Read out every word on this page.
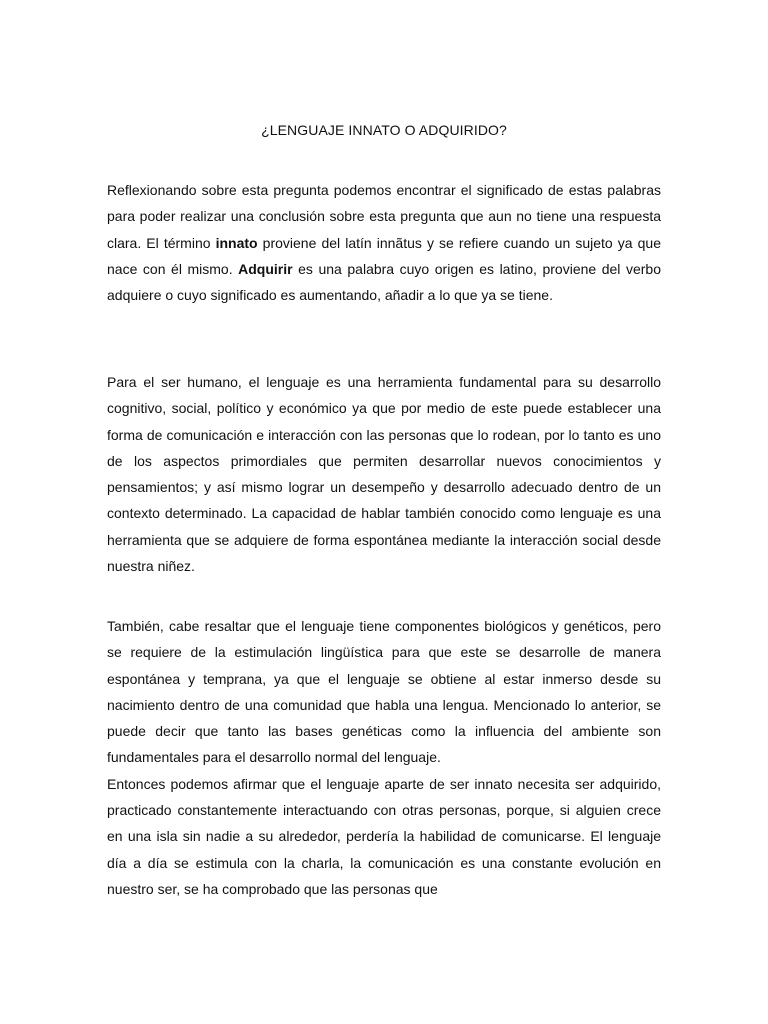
¿LENGUAJE INNATO O ADQUIRIDO?

Reflexionando sobre esta pregunta podemos encontrar el significado de estas palabras para poder realizar una conclusión sobre esta pregunta que aun no tiene una respuesta clara. El término innato proviene del latín innãtus y se refiere cuando un sujeto ya que nace con él mismo. Adquirir es una palabra cuyo origen es latino, proviene del verbo adquiere o cuyo significado es aumentando, añadir a lo que ya se tiene.

Para el ser humano, el lenguaje es una herramienta fundamental para su desarrollo cognitivo, social, político y económico ya que por medio de este puede establecer una forma de comunicación e interacción con las personas que lo rodean, por lo tanto es uno de los aspectos primordiales que permiten desarrollar nuevos conocimientos y pensamientos; y así mismo lograr un desempeño y desarrollo adecuado dentro de un contexto determinado. La capacidad de hablar también conocido como lenguaje es una herramienta que se adquiere de forma espontánea mediante la interacción social desde nuestra niñez.

También, cabe resaltar que el lenguaje tiene componentes biológicos y genéticos, pero se requiere de la estimulación lingüística para que este se desarrolle de manera espontánea y temprana, ya que el lenguaje se obtiene al estar inmerso desde su nacimiento dentro de una comunidad que habla una lengua. Mencionado lo anterior, se puede decir que tanto las bases genéticas como la influencia del ambiente son fundamentales para el desarrollo normal del lenguaje.

Entonces podemos afirmar que el lenguaje aparte de ser innato necesita ser adquirido, practicado constantemente interactuando con otras personas, porque, si alguien crece en una isla sin nadie a su alrededor, perdería la habilidad de comunicarse. El lenguaje día a día se estimula con la charla, la comunicación es una constante evolución en nuestro ser, se ha comprobado que las personas que
